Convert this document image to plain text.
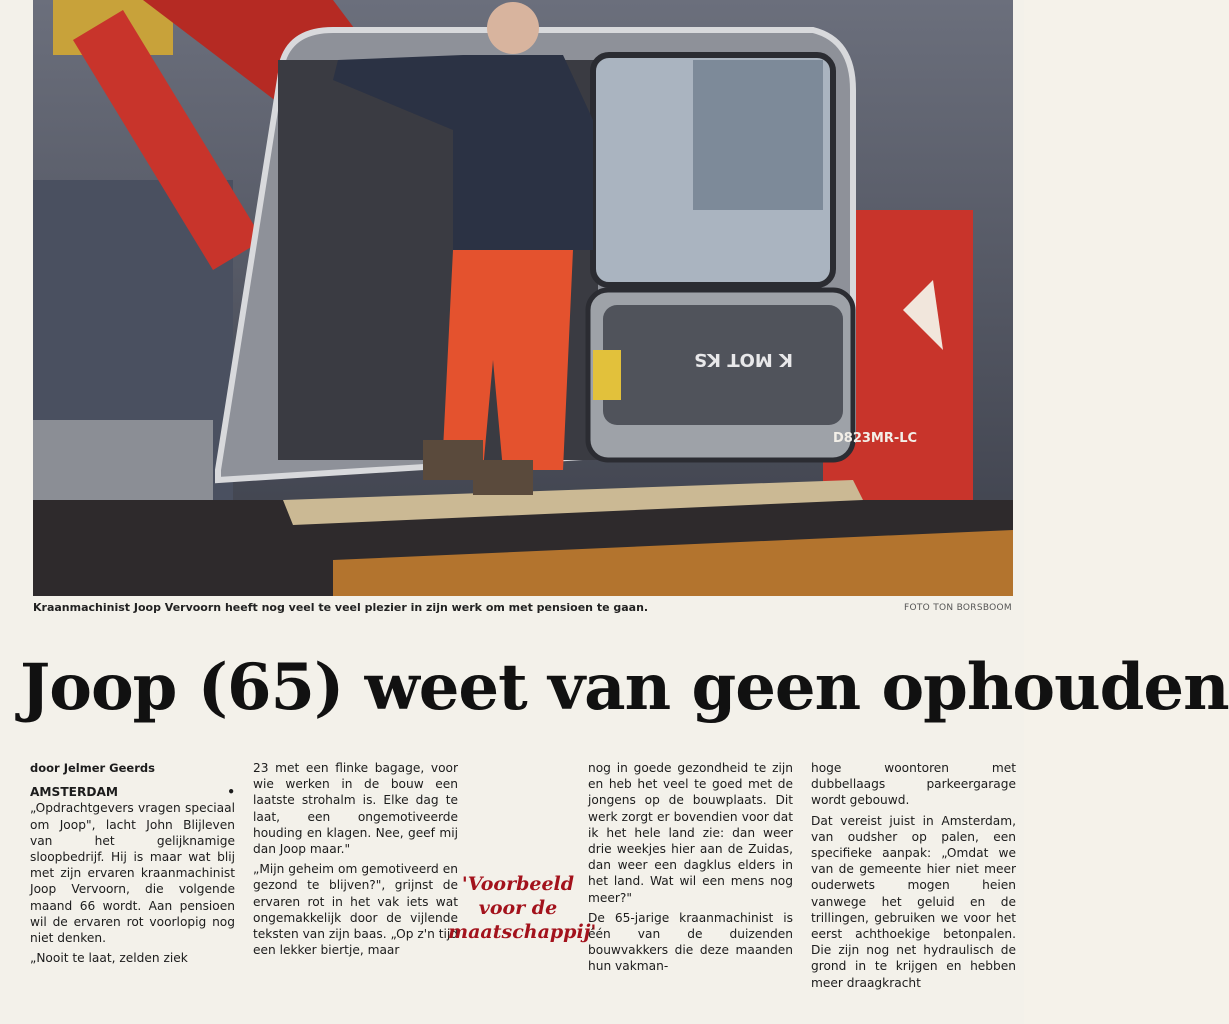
D823MR-LC
K MOT KS
Kraanmachinist Joop Vervoorn heeft nog veel te veel plezier in zijn werk om met pensioen te gaan.	FOTO TON BORSBOOM
Joop (65) weet van geen ophouden
door Jelmer Geerds

AMSTERDAM • „Opdrachtgevers vragen speciaal om Joop", lacht John Blijleven van het gelijknamige sloopbedrijf. Hij is maar wat blij met zijn ervaren kraanmachinist Joop Vervoorn, die volgende maand 66 wordt. Aan pensioen wil de ervaren rot voorlopig nog niet denken.

„Nooit te laat, zelden ziek

23 met een flinke bagage, voor wie werken in de bouw een laatste strohalm is. Elke dag te laat, een ongemotiveerde houding en klagen. Nee, geef mij dan Joop maar."

„Mijn geheim om gemotiveerd en gezond te blijven?", grijnst de ervaren rot in het vak iets wat ongemakkelijk door de vijlende teksten van zijn baas. „Op z'n tijd een lekker biertje, maar

'Voorbeeld voor de maatschappij'

nog in goede gezondheid te zijn en heb het veel te goed met de jongens op de bouwplaats. Dit werk zorgt er bovendien voor dat ik het hele land zie: dan weer drie weekjes hier aan de Zuidas, dan weer een dagklus elders in het land. Wat wil een mens nog meer?"

De 65-jarige kraanmachinist is één van de duizenden bouwvakkers die deze maanden hun vakman-

hoge woontoren met dubbellaags parkeergarage wordt gebouwd.

Dat vereist juist in Amsterdam, van oudsher op palen, een specifieke aanpak: „Omdat we van de gemeente hier niet meer ouderwets mogen heien vanwege het geluid en de trillingen, gebruiken we voor het eerst achthoekige betonpalen. Die zijn nog net hydraulisch de grond in te krijgen en hebben meer draagkracht
